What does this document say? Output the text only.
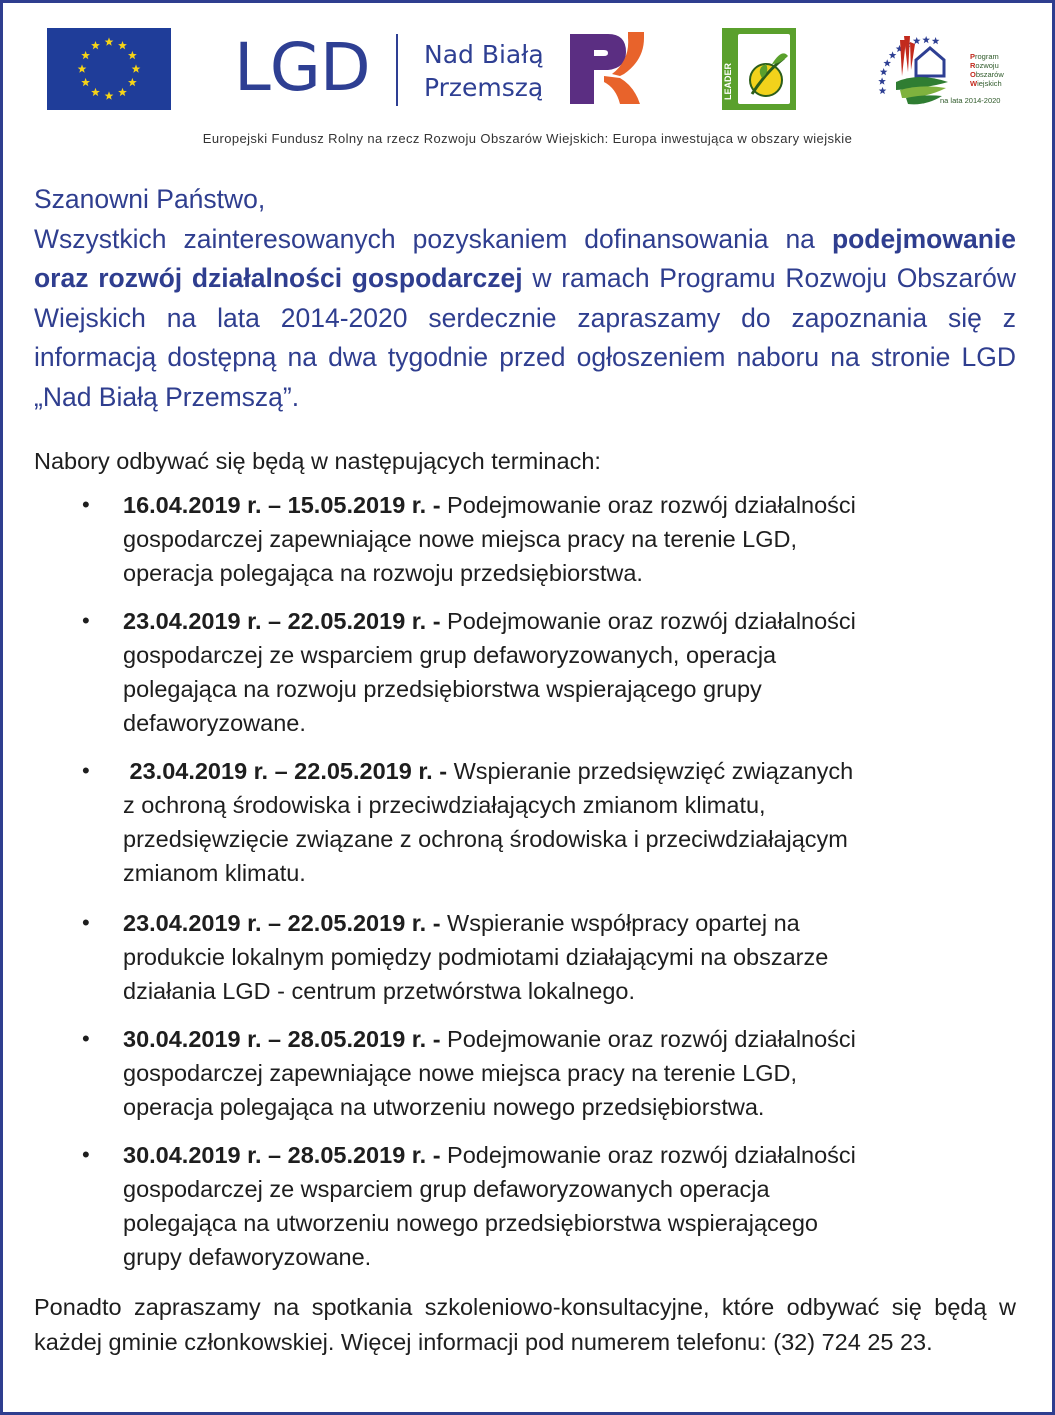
LGD Nad Białą
Przemszą	LEADER
Program
Rozwoju
Obszarów
Wiejskich
na lata 2014-2020
Europejski Fundusz Rolny na rzecz Rozwoju Obszarów Wiejskich: Europa inwestująca w obszary wiejskie
Szanowni Państwo,
Wszystkich zainteresowanych pozyskaniem dofinansowania na podejmowanie oraz rozwój działalności gospodarczej w ramach Programu Rozwoju Obszarów Wiejskich na lata 2014-2020 serdecznie zapraszamy do zapoznania się z informacją dostępną na dwa tygodnie przed ogłoszeniem naboru na stronie LGD „Nad Białą Przemszą”.
Nabory odbywać się będą w następujących terminach:
• 16.04.2019 r. – 15.05.2019 r. - Podejmowanie oraz rozwój działalności
gospodarczej zapewniające nowe miejsca pracy na terenie LGD,
operacja polegająca na rozwoju przedsiębiorstwa.
• 23.04.2019 r. – 22.05.2019 r. - Podejmowanie oraz rozwój działalności
gospodarczej ze wsparciem grup defaworyzowanych, operacja
polegająca na rozwoju przedsiębiorstwa wspierającego grupy
defaworyzowane.
• 23.04.2019 r. – 22.05.2019 r. - Wspieranie przedsięwzięć związanych
z ochroną środowiska i przeciwdziałających zmianom klimatu,
przedsięwzięcie związane z ochroną środowiska i przeciwdziałającym
zmianom klimatu.
• 23.04.2019 r. – 22.05.2019 r. - Wspieranie współpracy opartej na
produkcie lokalnym pomiędzy podmiotami działającymi na obszarze
działania LGD - centrum przetwórstwa lokalnego.
• 30.04.2019 r. – 28.05.2019 r. - Podejmowanie oraz rozwój działalności
gospodarczej zapewniające nowe miejsca pracy na terenie LGD,
operacja polegająca na utworzeniu nowego przedsiębiorstwa.
• 30.04.2019 r. – 28.05.2019 r. - Podejmowanie oraz rozwój działalności
gospodarczej ze wsparciem grup defaworyzowanych operacja
polegająca na utworzeniu nowego przedsiębiorstwa wspierającego
grupy defaworyzowane.
Ponadto zapraszamy na spotkania szkoleniowo-konsultacyjne, które odbywać się będą w każdej gminie członkowskiej. Więcej informacji pod numerem telefonu: (32) 724 25 23.
